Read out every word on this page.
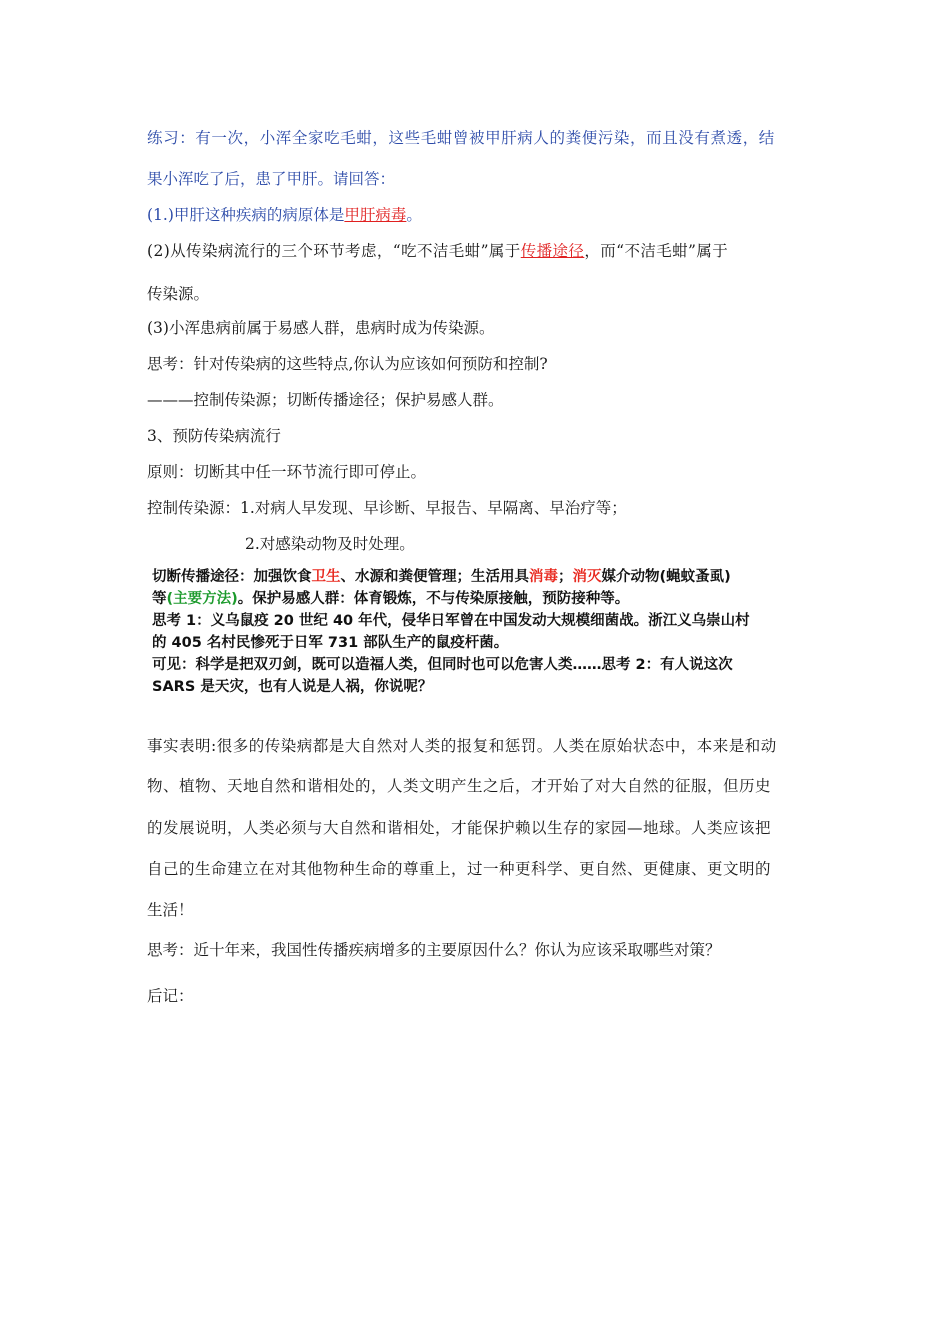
练习：有一次，小浑全家吃毛蚶，这些毛蚶曾被甲肝病人的粪便污染，而且没有煮透，结
果小浑吃了后，患了甲肝。请回答：
(1.)甲肝这种疾病的病原体是甲肝病毒。
(2)从传染病流行的三个环节考虑，“吃不洁毛蚶”属于传播途径，而“不洁毛蚶”属于
传染源。
(3)小浑患病前属于易感人群，患病时成为传染源。
思考：针对传染病的这些特点,你认为应该如何预防和控制?
———控制传染源；切断传播途径；保护易感人群。
3、预防传染病流行
原则：切断其中任一环节流行即可停止。
控制传染源：1.对病人早发现、早诊断、早报告、早隔离、早治疗等；
2.对感染动物及时处理。
切断传播途径：加强饮食卫生、水源和粪便管理；生活用具消毒；消灭媒介动物(蝇蚊蚤虱)
等(主要方法)。保护易感人群：体育锻炼，不与传染原接触，预防接种等。
思考 1：义乌鼠疫 20 世纪 40 年代，侵华日军曾在中国发动大规模细菌战。浙江义乌崇山村
的 405 名村民惨死于日军 731 部队生产的鼠疫杆菌。
可见：科学是把双刃剑，既可以造福人类，但同时也可以危害人类……思考 2：有人说这次
SARS 是天灾，也有人说是人祸，你说呢？
事实表明:很多的传染病都是大自然对人类的报复和惩罚。人类在原始状态中，本来是和动
物、植物、天地自然和谐相处的，人类文明产生之后，才开始了对大自然的征服，但历史
的发展说明，人类必须与大自然和谐相处，才能保护赖以生存的家园—地球。人类应该把
自己的生命建立在对其他物种生命的尊重上，过一种更科学、更自然、更健康、更文明的
生活！
思考：近十年来，我国性传播疾病增多的主要原因什么？你认为应该采取哪些对策？
后记：
